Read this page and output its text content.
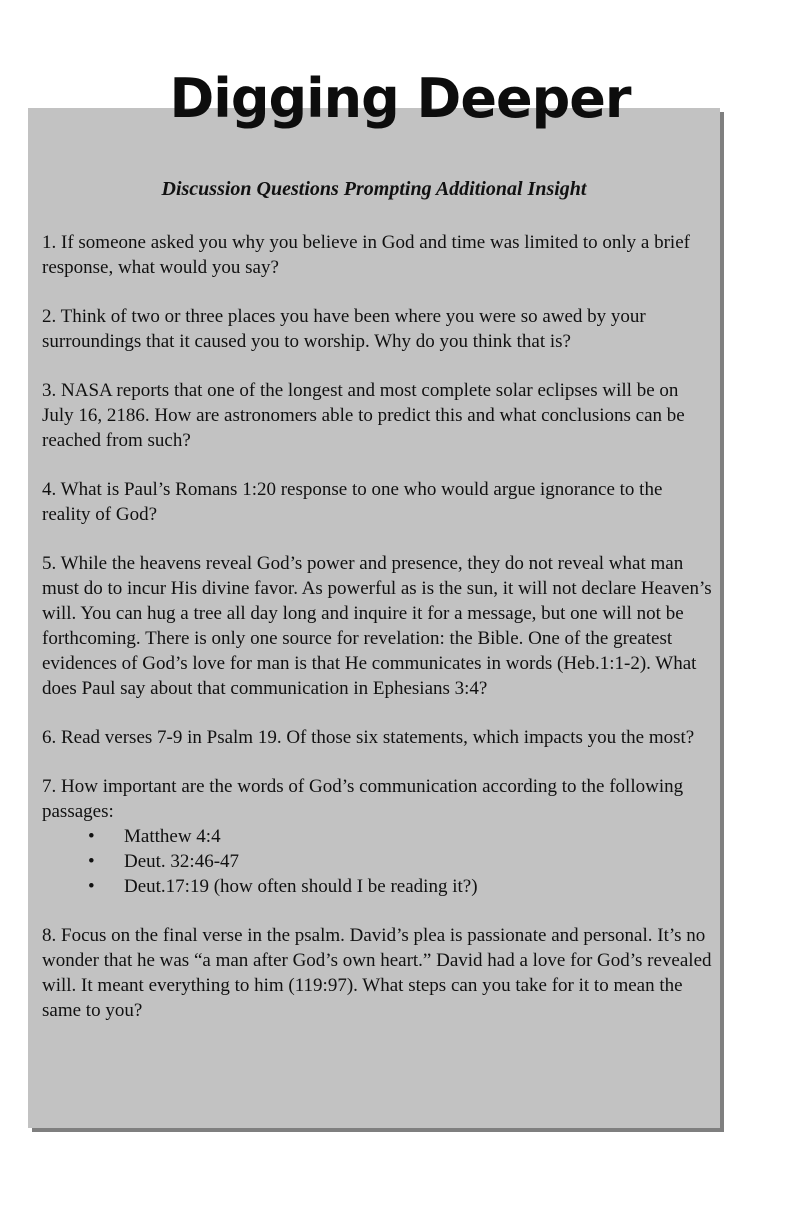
Digging Deeper
Discussion Questions Prompting Additional Insight
1. If someone asked you why you believe in God and time was limited to only a brief response, what would you say?
2. Think of two or three places you have been where you were so awed by your surroundings that it caused you to worship. Why do you think that is?
3. NASA reports that one of the longest and most complete solar eclipses will be on July 16, 2186. How are astronomers able to predict this and what conclusions can be reached from such?
4. What is Paul’s Romans 1:20 response to one who would argue ignorance to the reality of God?
5. While the heavens reveal God’s power and presence, they do not reveal what man must do to incur His divine favor. As powerful as is the sun, it will not declare Heaven’s will. You can hug a tree all day long and inquire it for a message, but one will not be forthcoming. There is only one source for revelation: the Bible. One of the greatest evidences of God’s love for man is that He communicates in words (Heb.1:1-2). What does Paul say about that communication in Ephesians 3:4?
6. Read verses 7-9 in Psalm 19. Of those six statements, which impacts you the most?
7. How important are the words of God’s communication according to the following passages:
• Matthew 4:4
• Deut. 32:46-47
• Deut.17:19 (how often should I be reading it?)
8. Focus on the final verse in the psalm. David’s plea is passionate and personal. It’s no wonder that he was “a man after God’s own heart.” David had a love for God’s revealed will. It meant everything to him (119:97). What steps can you take for it to mean the same to you?
